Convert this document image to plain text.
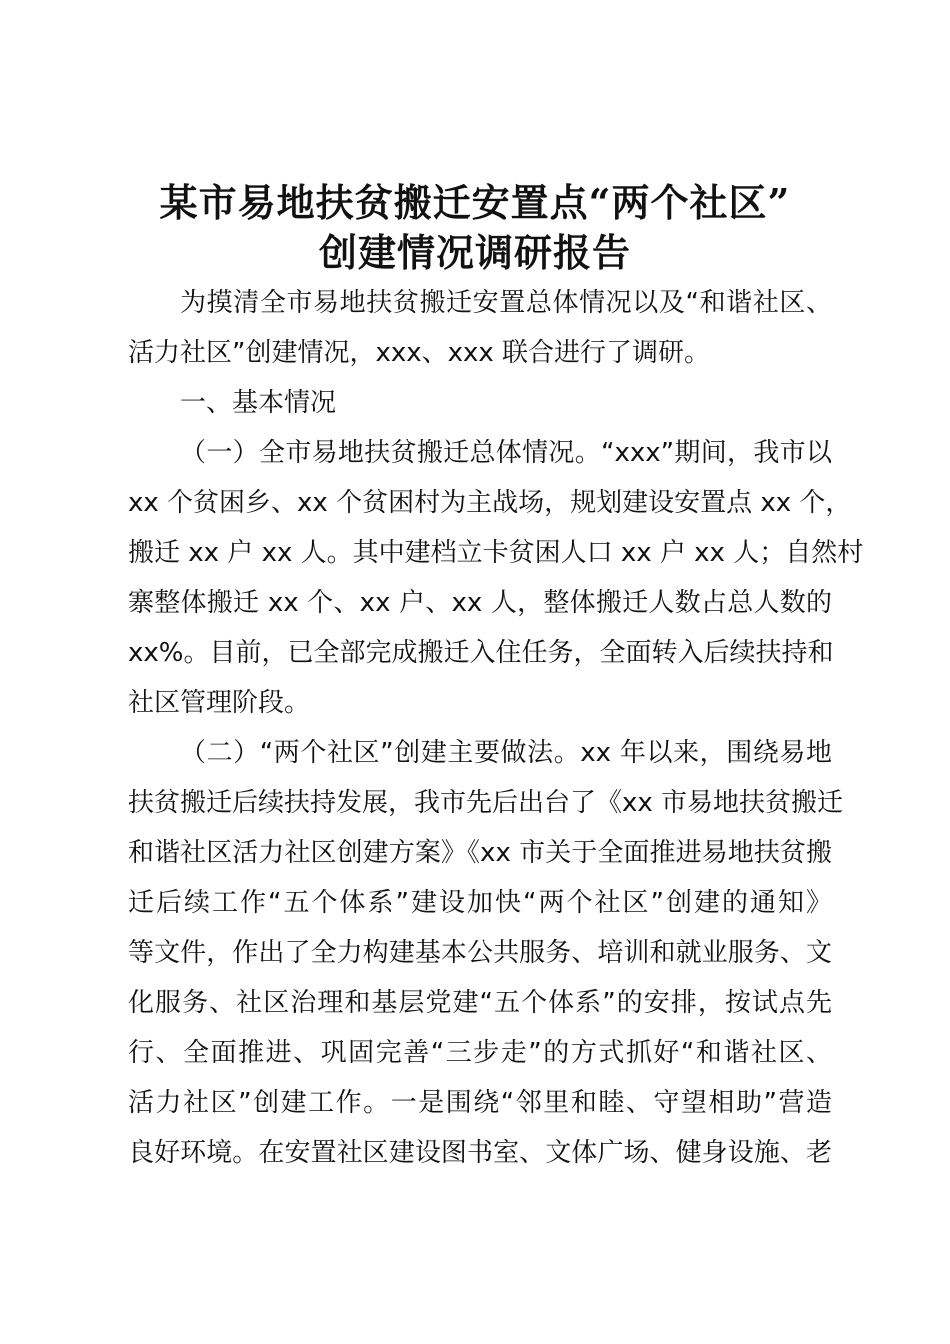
某市易地扶贫搬迁安置点“两个社区”
创建情况调研报告
为摸清全市易地扶贫搬迁安置总体情况以及“和谐社区、
活力社区”创建情况，xxx、xxx 联合进行了调研。
一、基本情况
（一）全市易地扶贫搬迁总体情况。“xxx”期间，我市以
xx 个贫困乡、xx 个贫困村为主战场，规划建设安置点 xx 个，
搬迁 xx 户 xx 人。其中建档立卡贫困人口 xx 户 xx 人；自然村
寨整体搬迁 xx 个、xx 户、xx 人，整体搬迁人数占总人数的
xx%。目前，已全部完成搬迁入住任务，全面转入后续扶持和
社区管理阶段。
（二）“两个社区”创建主要做法。xx 年以来，围绕易地
扶贫搬迁后续扶持发展，我市先后出台了《xx 市易地扶贫搬迁
和谐社区活力社区创建方案》《xx 市关于全面推进易地扶贫搬
迁后续工作“五个体系”建设加快“两个社区”创建的通知》
等文件，作出了全力构建基本公共服务、培训和就业服务、文
化服务、社区治理和基层党建“五个体系”的安排，按试点先
行、全面推进、巩固完善“三步走”的方式抓好“和谐社区、
活力社区”创建工作。一是围绕“邻里和睦、守望相助”营造
良好环境。在安置社区建设图书室、文体广场、健身设施、老
